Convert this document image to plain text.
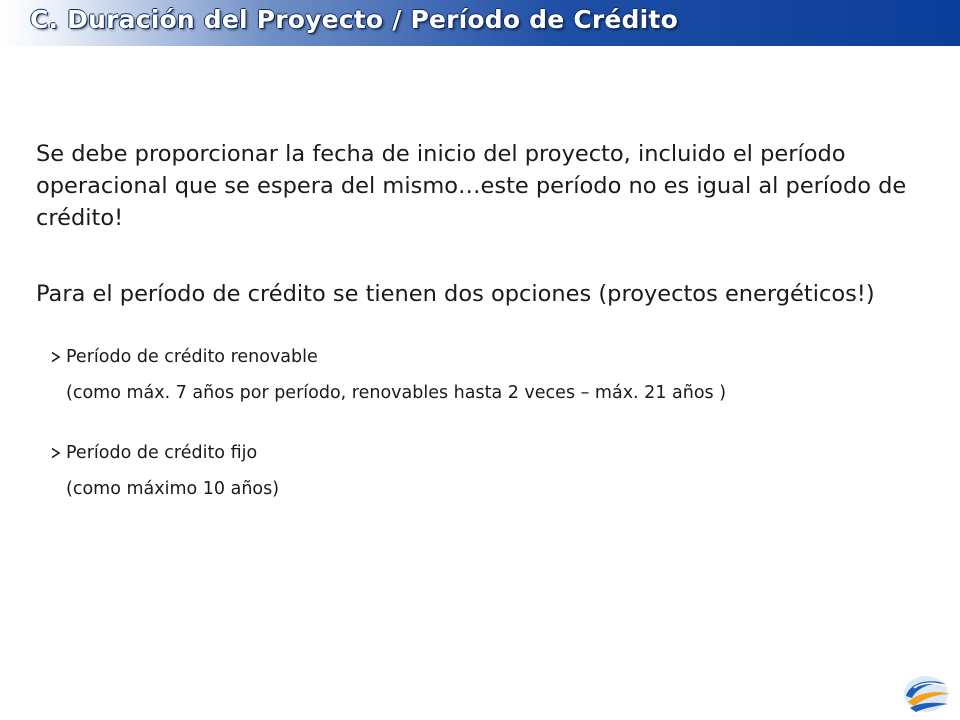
C. Duración del Proyecto / Período de Crédito

Se debe proporcionar la fecha de inicio del proyecto, incluido el período operacional que se espera del mismo…este período no es igual al período de crédito!

Para el período de crédito se tienen dos opciones (proyectos energéticos!)

Período de crédito renovable
(como máx. 7 años por período, renovables hasta 2 veces – máx. 21 años )
Período de crédito fijo
(como máximo 10 años)
